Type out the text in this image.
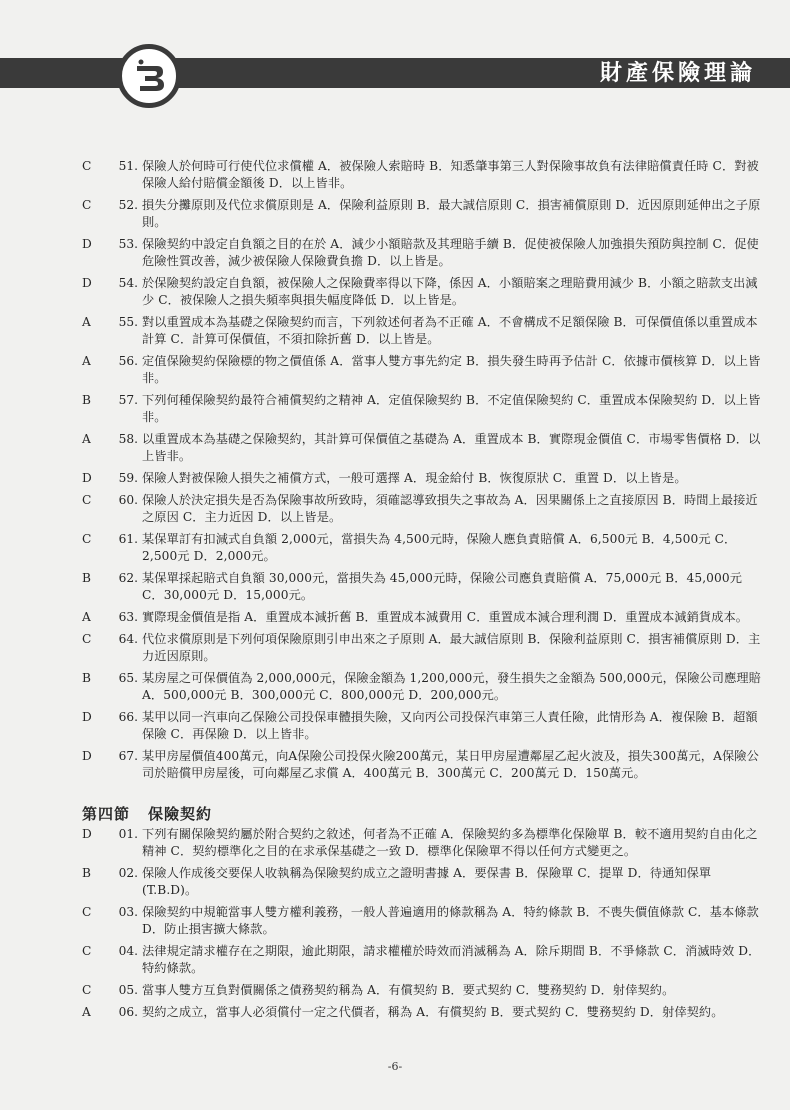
財產保險理論
C	51. 保險人於何時可行使代位求償權 A．被保險人索賠時 B．知悉肇事第三人對保險事故負有法律賠償責任時 C．對被保險人給付賠償金額後 D．以上皆非。
C	52. 損失分攤原則及代位求償原則是 A．保險利益原則 B．最大誠信原則 C．損害補償原則 D．近因原則延伸出之子原則。
D	53. 保險契約中設定自負額之目的在於 A．減少小額賠款及其理賠手續 B．促使被保險人加強損失預防與控制 C．促使危險性質改善，減少被保險人保險費負擔 D．以上皆是。
D	54. 於保險契約設定自負額，被保險人之保險費率得以下降，係因 A．小額賠案之理賠費用減少 B．小額之賠款支出減少 C．被保險人之損失頻率與損失幅度降低 D．以上皆是。
A	55. 對以重置成本為基礎之保險契約而言，下列敘述何者為不正確 A．不會構成不足額保險 B．可保價值係以重置成本計算 C．計算可保價值，不須扣除折舊 D．以上皆是。
A	56. 定值保險契約保險標的物之價值係 A．當事人雙方事先約定 B．損失發生時再予估計 C．依據市價核算 D．以上皆非。
B	57. 下列何種保險契約最符合補償契約之精神 A．定值保險契約 B．不定值保險契約 C．重置成本保險契約 D．以上皆非。
A	58. 以重置成本為基礎之保險契約，其計算可保價值之基礎為 A．重置成本 B．實際現金價值 C．市場零售價格 D．以上皆非。
D	59. 保險人對被保險人損失之補償方式，一般可選擇 A．現金給付 B．恢復原狀 C．重置 D．以上皆是。
C	60. 保險人於決定損失是否為保險事故所致時，須確認導致損失之事故為 A．因果關係上之直接原因 B．時間上最接近之原因 C．主力近因 D．以上皆是。
C	61. 某保單訂有扣減式自負額 2,000元，當損失為 4,500元時，保險人應負責賠償 A．6,500元 B．4,500元 C．2,500元 D．2,000元。
B	62. 某保單採起賠式自負額 30,000元，當損失為 45,000元時，保險公司應負責賠償 A．75,000元 B．45,000元 C．30,000元 D．15,000元。
A	63. 實際現金價值是指 A．重置成本減折舊 B．重置成本減費用 C．重置成本減合理利潤 D．重置成本減銷貨成本。
C	64. 代位求償原則是下列何項保險原則引申出來之子原則 A．最大誠信原則 B．保險利益原則 C．損害補償原則 D．主力近因原則。
B	65. 某房屋之可保價值為 2,000,000元，保險金額為 1,200,000元，發生損失之金額為 500,000元，保險公司應理賠 A．500,000元 B．300,000元 C．800,000元 D．200,000元。
D	66. 某甲以同一汽車向乙保險公司投保車體損失險，又向丙公司投保汽車第三人責任險，此情形為 A．複保險 B．超額保險 C．再保險 D．以上皆非。
D	67. 某甲房屋價值400萬元，向A保險公司投保火險200萬元，某日甲房屋遭鄰屋乙起火波及，損失300萬元，A保險公司於賠償甲房屋後，可向鄰屋乙求償 A．400萬元 B．300萬元 C．200萬元 D．150萬元。
第四節 保險契約
D	01. 下列有關保險契約屬於附合契約之敘述，何者為不正確 A．保險契約多為標準化保險單 B．較不適用契約自由化之精神 C．契約標準化之目的在求承保基礎之一致 D．標準化保險單不得以任何方式變更之。
B	02. 保險人作成後交要保人收執稱為保險契約成立之證明書據 A．要保書 B．保險單 C．提單 D．待通知保單(T.B.D)。
C	03. 保險契約中規範當事人雙方權利義務，一般人普遍適用的條款稱為 A．特約條款 B．不喪失價值條款 C．基本條款 D．防止損害擴大條款。
C	04. 法律規定請求權存在之期限，逾此期限，請求權權於時效而消滅稱為 A．除斥期間 B．不爭條款 C．消滅時效 D．特約條款。
C	05. 當事人雙方互負對價關係之債務契約稱為 A．有償契約 B．要式契約 C．雙務契約 D．射倖契約。
A	06. 契約之成立，當事人必須償付一定之代價者，稱為 A．有償契約 B．要式契約 C．雙務契約 D．射倖契約。
-6-
